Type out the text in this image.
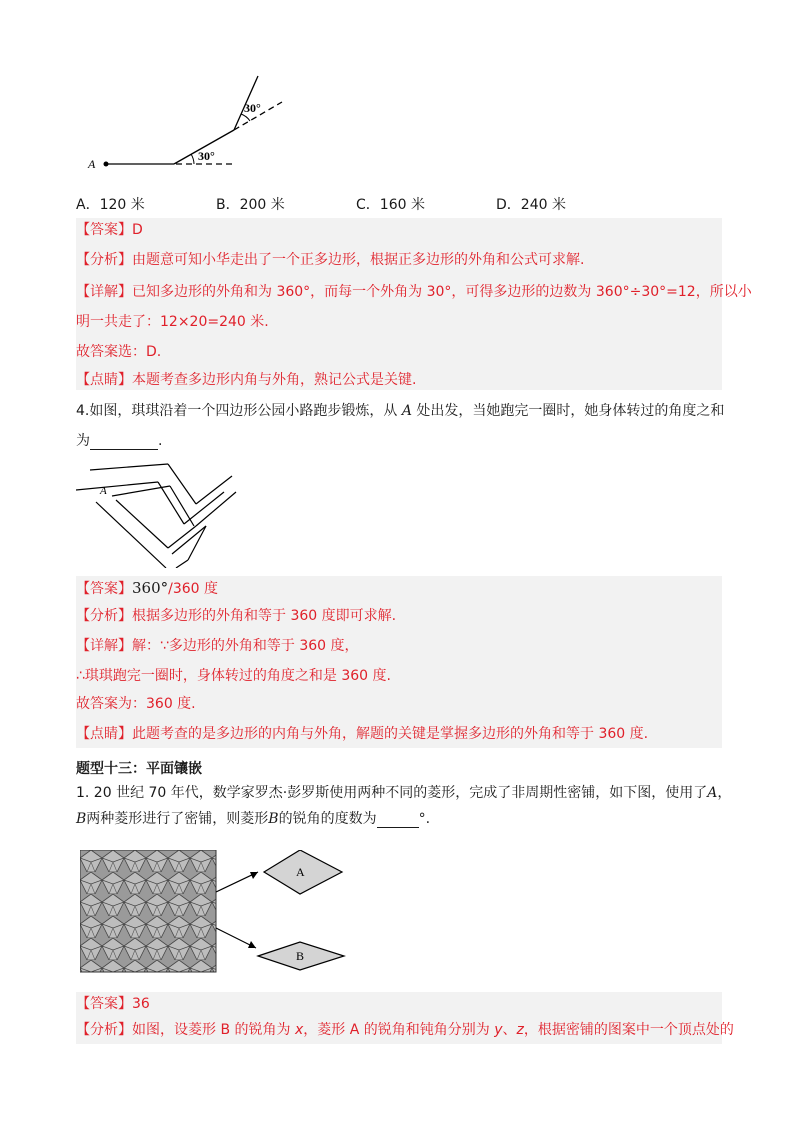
A
30°
30°
A．120 米	B．200 米	C．160 米	D．240 米
【答案】D
【分析】由题意可知小华走出了一个正多边形，根据正多边形的外角和公式可求解.
【详解】已知多边形的外角和为 360°，而每一个外角为 30°，可得多边形的边数为 360°÷30°=12，所以小
明一共走了：12×20=240 米.
故答案选：D.
【点睛】本题考查多边形内角与外角，熟记公式是关键.
4.如图，琪琪沿着一个四边形公园小路跑步锻炼，从 A 处出发，当她跑完一圈时，她身体转过的角度之和
为	.
A
【答案】360°/360 度
【分析】根据多边形的外角和等于 360 度即可求解.
【详解】解：∵多边形的外角和等于 360 度，
∴琪琪跑完一圈时，身体转过的角度之和是 360 度.
故答案为：360 度.
【点睛】此题考查的是多边形的内角与外角，解题的关键是掌握多边形的外角和等于 360 度.
题型十三：平面镶嵌
1. 20 世纪 70 年代，数学家罗杰·彭罗斯使用两种不同的菱形，完成了非周期性密铺，如下图，使用了A，
B两种菱形进行了密铺，则菱形B的锐角的度数为	°.
A
B
【答案】36
【分析】如图，设菱形 B 的锐角为 x，菱形 A 的锐角和钝角分别为 y、z，根据密铺的图案中一个顶点处的
